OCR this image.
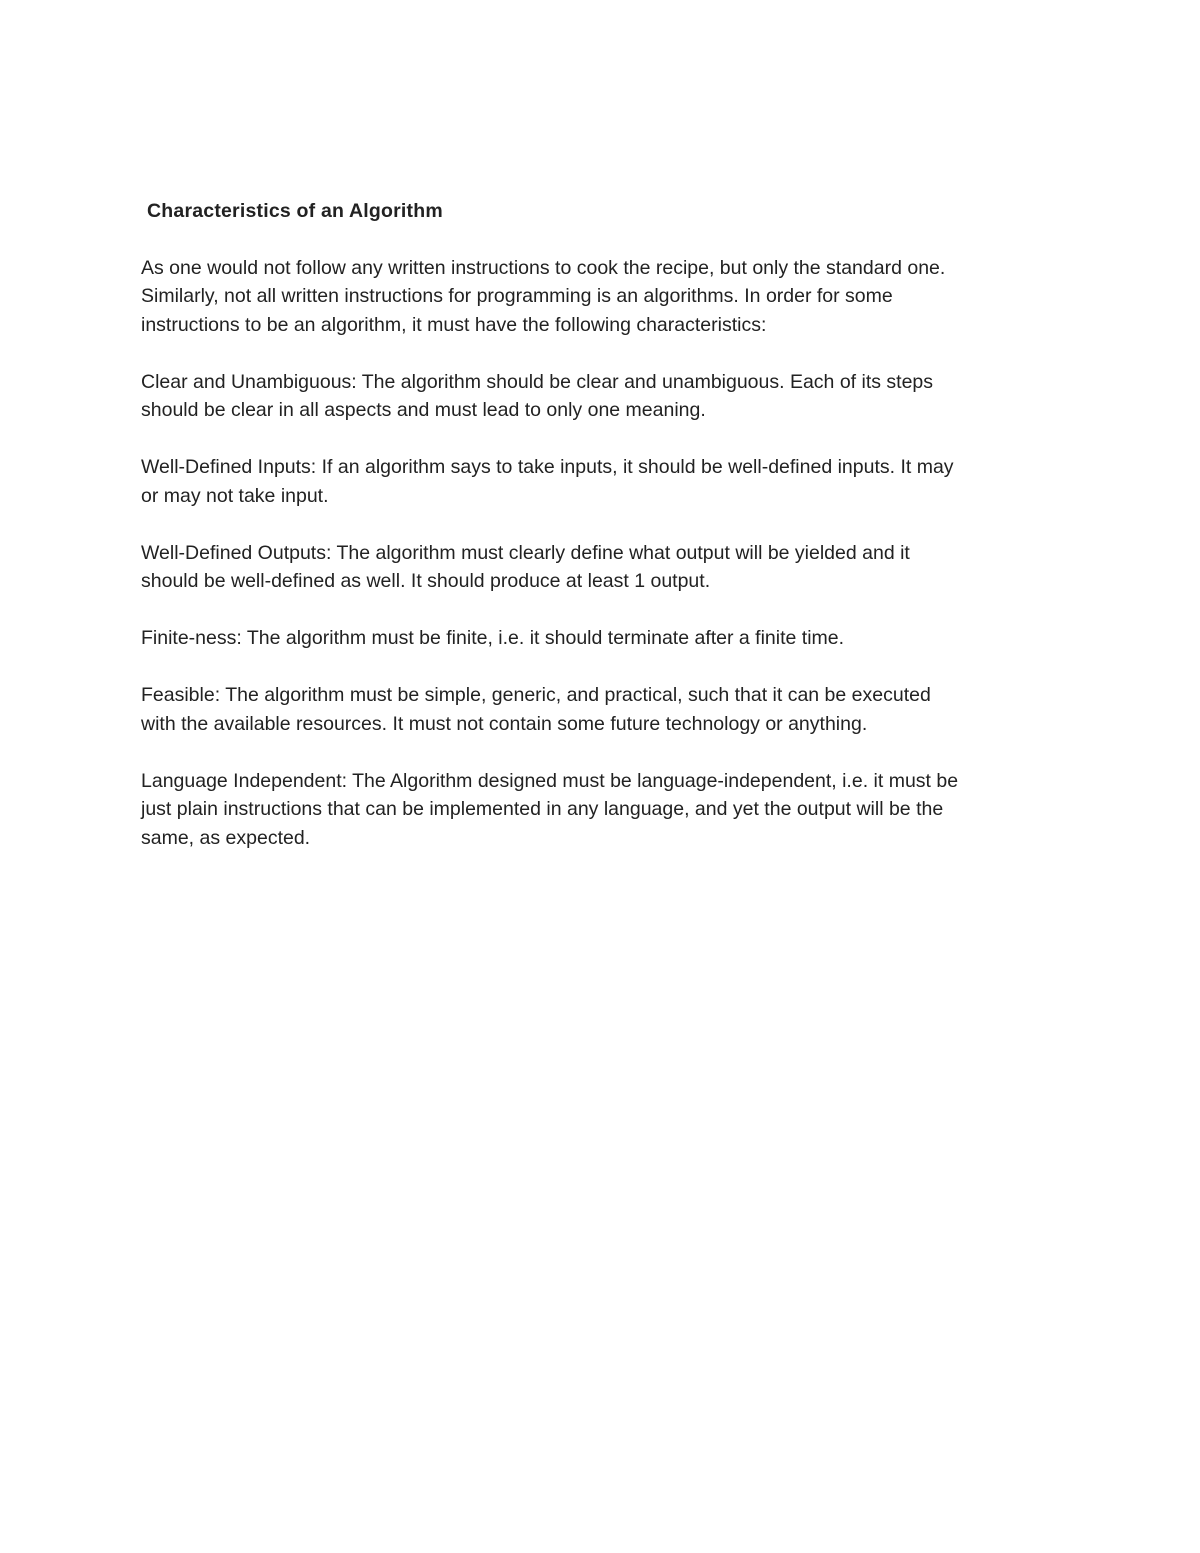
Characteristics of an Algorithm
As one would not follow any written instructions to cook the recipe, but only the standard one.
Similarly, not all written instructions for programming is an algorithms. In order for some
instructions to be an algorithm, it must have the following characteristics:
Clear and Unambiguous: The algorithm should be clear and unambiguous. Each of its steps
should be clear in all aspects and must lead to only one meaning.
Well-Defined Inputs: If an algorithm says to take inputs, it should be well-defined inputs. It may
or may not take input.
Well-Defined Outputs: The algorithm must clearly define what output will be yielded and it
should be well-defined as well. It should produce at least 1 output.
Finite-ness: The algorithm must be finite, i.e. it should terminate after a finite time.
Feasible: The algorithm must be simple, generic, and practical, such that it can be executed
with the available resources. It must not contain some future technology or anything.
Language Independent: The Algorithm designed must be language-independent, i.e. it must be
just plain instructions that can be implemented in any language, and yet the output will be the
same, as expected.
